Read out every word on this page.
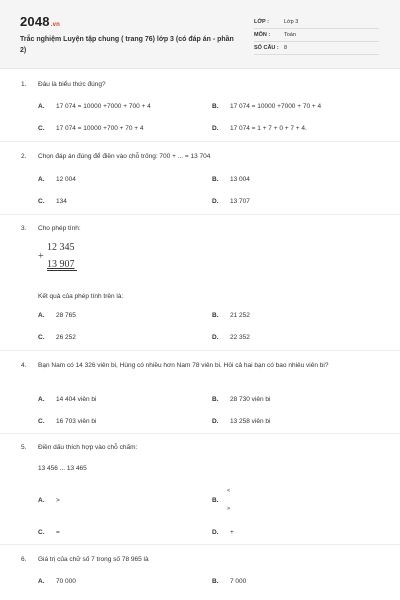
2048.vn
Trắc nghiệm Luyện tập chung ( trang 76) lớp 3 (có đáp án - phần 2)
LỚP :	Lớp 3
MÔN :	Toán
SỐ CÂU : 8
1. Đâu là biểu thức đúng?
A. 17 074 = 10000 +7000 + 700 + 4	B. 17 074 = 10000 +7000 + 70 + 4
C. 17 074 = 10000 +700 + 70 + 4	D. 17 074 = 1 + 7 + 0 + 7 + 4.
2. Chọn đáp án đúng để điền vào chỗ trống: 700 + ... = 13 704
A. 12 004	B. 13 004
C. 134	D. 13 707
3. Cho phép tính:
12 345
+
13 907
Kết quả của phép tính trên là:
A. 28 765	B. 21 252
C. 26 252	D. 22 352
4. Bạn Nam có 14 326 viên bi, Hùng có nhiều hơn Nam 78 viên bi. Hỏi cả hai bạn có bao nhiêu viên bi?
A. 14 404 viên bi	B. 28 730 viên bi
C. 16 703 viên bi	D. 13 258 viên bi
5. Điền dấu thích hợp vào chỗ chấm:
13 456 ... 13 465
A. >	B.
<
>
C. =	D. +
6. Giá trị của chữ số 7 trong số 78 965 là
A. 70 000	B. 7 000
